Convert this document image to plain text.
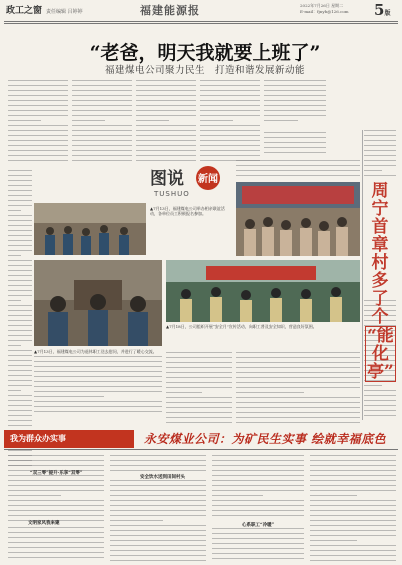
政工之窗 责任编辑 吕婷婷	福建能源报	2022年7月26日 星期二
E-mail：fjnyb@126.com	5版
“老爸，明天我就要上班了”
福建煤电公司聚力民生　打造和谐发展新动能
图说 新闻
TUSHUO
▲7月13日，福建煤电公司举办相亲联谊活动，各单位员工积极报名参加。
▲7月13日，福建煤电公司为退休职工送去慰问，并进行了暖心交流。
▲7月18日，公司组织开展“安全月”宣传活动，向职工普及安全知识，营造良好氛围。
周宁首章村多了个
“能化亭”
我为群众办实事	永安煤业公司：为矿民生实事 绘就幸福底色
“双三零”提升·乐享“双零”
安全饮水送到田间村头
心系职工“冷暖”
文明家风我来建
